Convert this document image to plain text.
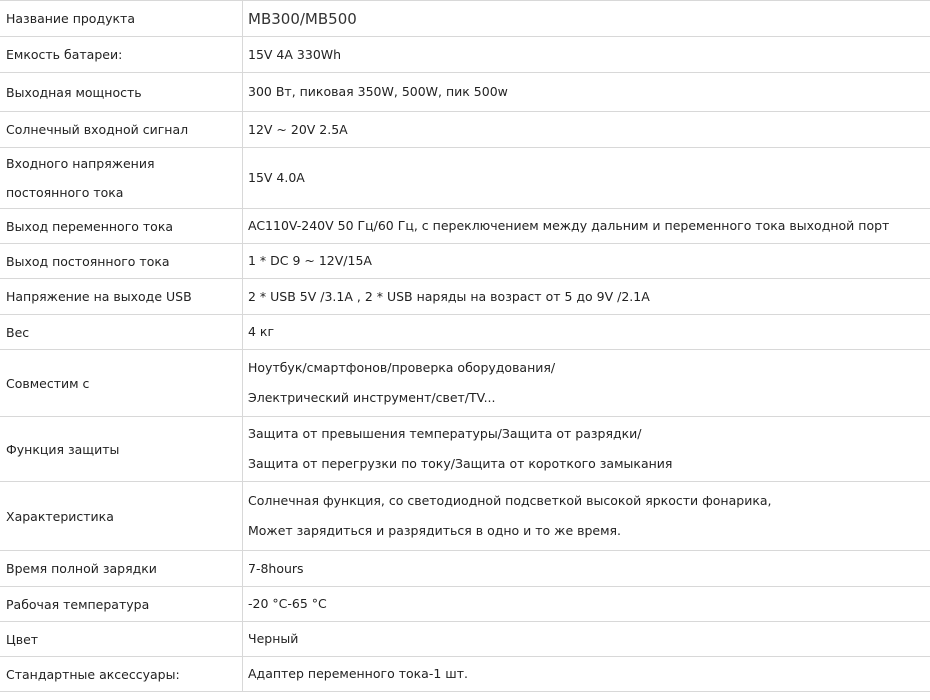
Название продукта	MB300/MB500

Емкость батареи:	15V 4A 330Wh

Выходная мощность	300 Вт, пиковая 350W, 500W, пик 500w

Солнечный входной сигнал	12V ~ 20V 2.5A

Входного напряжения
постоянного тока	15V 4.0A

Выход переменного тока	AC110V-240V 50 Гц/60 Гц, с переключением между дальним и переменного тока выходной порт

Выход постоянного тока	1 * DC 9 ~ 12V/15A

Напряжение на выходе USB	2 * USB 5V /3.1A , 2 * USB наряды на возраст от 5 до 9V /2.1A

Вес	4 кг

Совместим с	Ноутбук/смартфонов/проверка оборудования/
Электрический инструмент/свет/TV...

Функция защиты	Защита от превышения температуры/Защита от разрядки/
Защита от перегрузки по току/Защита от короткого замыкания

Характеристика	Солнечная функция, со светодиодной подсветкой высокой яркости фонарика,
Может зарядиться и разрядиться в одно и то же время.

Время полной зарядки	7-8hours

Рабочая температура	-20 °C-65 °C

Цвет	Черный

Стандартные аксессуары:	Адаптер переменного тока-1 шт.
